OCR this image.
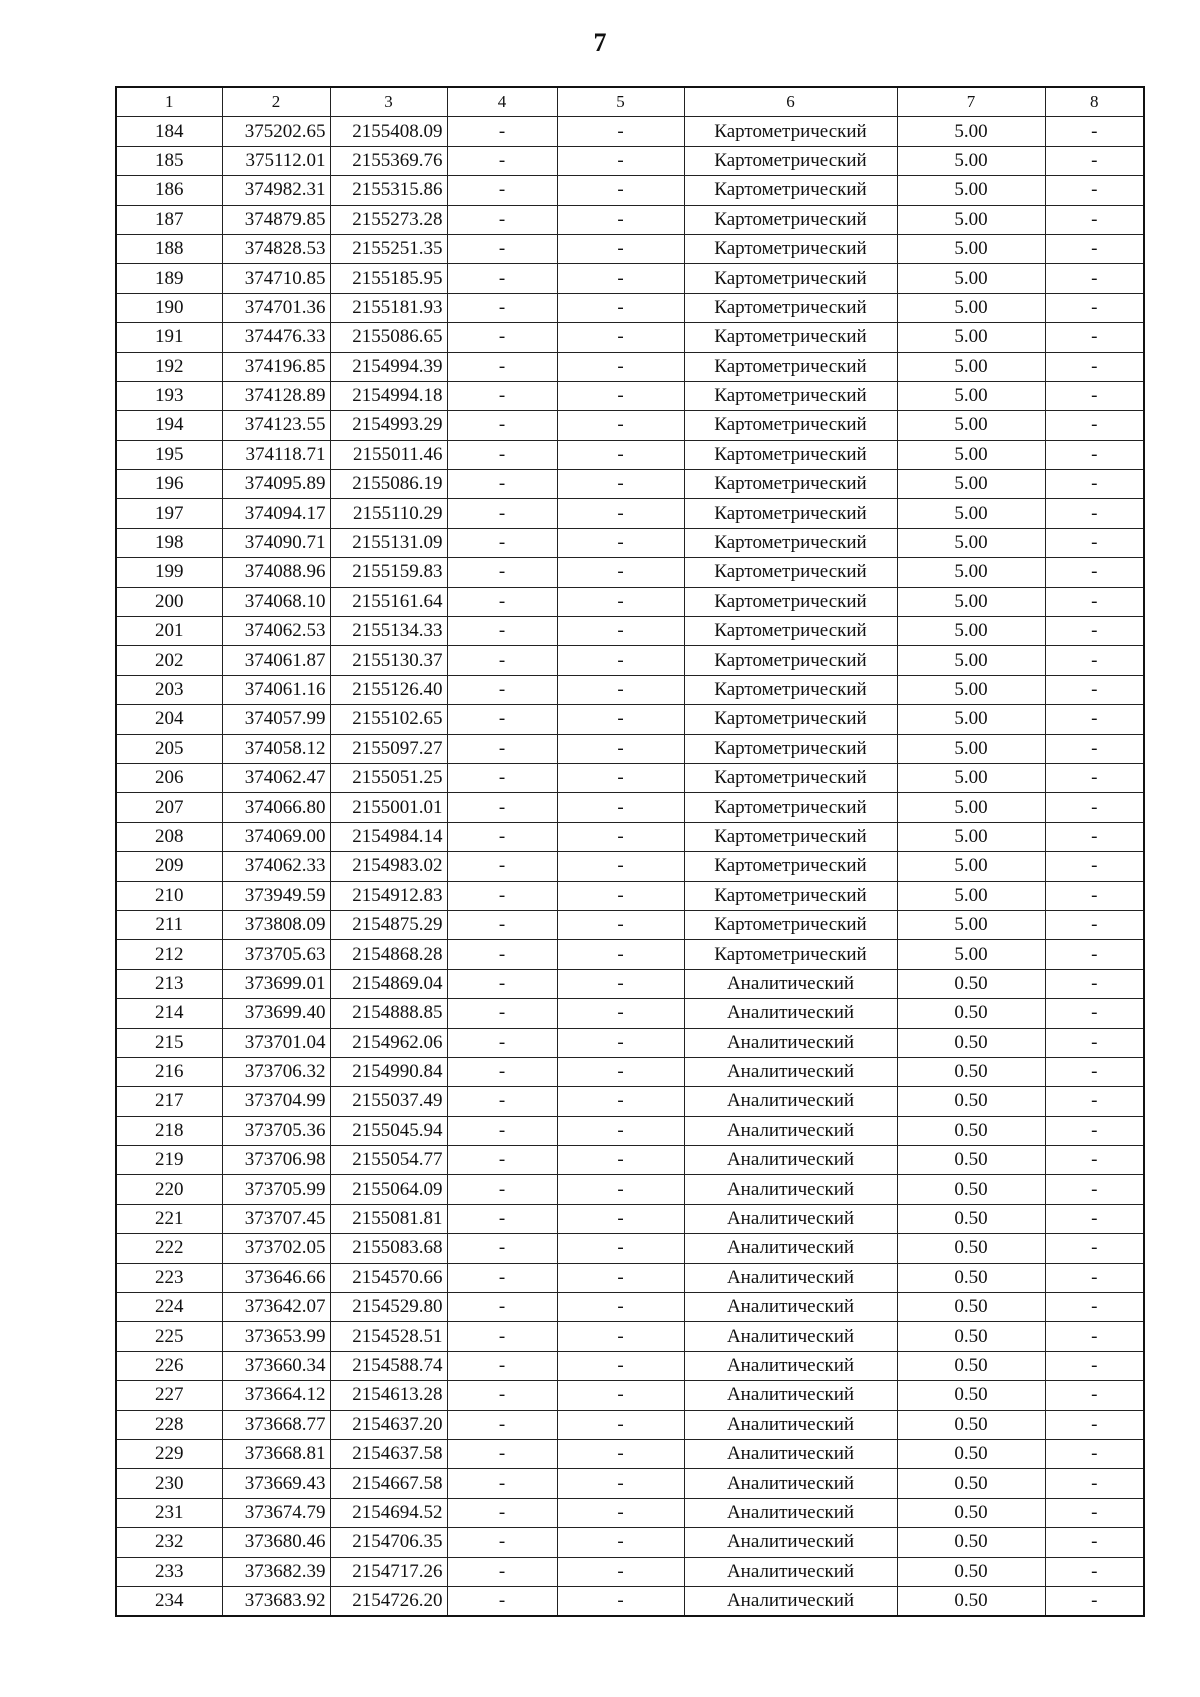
7
1	2	3	4	5	6	7	8
184	375202.65	2155408.09	-	-	Картометрический	5.00	-
185	375112.01	2155369.76	-	-	Картометрический	5.00	-
186	374982.31	2155315.86	-	-	Картометрический	5.00	-
187	374879.85	2155273.28	-	-	Картометрический	5.00	-
188	374828.53	2155251.35	-	-	Картометрический	5.00	-
189	374710.85	2155185.95	-	-	Картометрический	5.00	-
190	374701.36	2155181.93	-	-	Картометрический	5.00	-
191	374476.33	2155086.65	-	-	Картометрический	5.00	-
192	374196.85	2154994.39	-	-	Картометрический	5.00	-
193	374128.89	2154994.18	-	-	Картометрический	5.00	-
194	374123.55	2154993.29	-	-	Картометрический	5.00	-
195	374118.71	2155011.46	-	-	Картометрический	5.00	-
196	374095.89	2155086.19	-	-	Картометрический	5.00	-
197	374094.17	2155110.29	-	-	Картометрический	5.00	-
198	374090.71	2155131.09	-	-	Картометрический	5.00	-
199	374088.96	2155159.83	-	-	Картометрический	5.00	-
200	374068.10	2155161.64	-	-	Картометрический	5.00	-
201	374062.53	2155134.33	-	-	Картометрический	5.00	-
202	374061.87	2155130.37	-	-	Картометрический	5.00	-
203	374061.16	2155126.40	-	-	Картометрический	5.00	-
204	374057.99	2155102.65	-	-	Картометрический	5.00	-
205	374058.12	2155097.27	-	-	Картометрический	5.00	-
206	374062.47	2155051.25	-	-	Картометрический	5.00	-
207	374066.80	2155001.01	-	-	Картометрический	5.00	-
208	374069.00	2154984.14	-	-	Картометрический	5.00	-
209	374062.33	2154983.02	-	-	Картометрический	5.00	-
210	373949.59	2154912.83	-	-	Картометрический	5.00	-
211	373808.09	2154875.29	-	-	Картометрический	5.00	-
212	373705.63	2154868.28	-	-	Картометрический	5.00	-
213	373699.01	2154869.04	-	-	Аналитический	0.50	-
214	373699.40	2154888.85	-	-	Аналитический	0.50	-
215	373701.04	2154962.06	-	-	Аналитический	0.50	-
216	373706.32	2154990.84	-	-	Аналитический	0.50	-
217	373704.99	2155037.49	-	-	Аналитический	0.50	-
218	373705.36	2155045.94	-	-	Аналитический	0.50	-
219	373706.98	2155054.77	-	-	Аналитический	0.50	-
220	373705.99	2155064.09	-	-	Аналитический	0.50	-
221	373707.45	2155081.81	-	-	Аналитический	0.50	-
222	373702.05	2155083.68	-	-	Аналитический	0.50	-
223	373646.66	2154570.66	-	-	Аналитический	0.50	-
224	373642.07	2154529.80	-	-	Аналитический	0.50	-
225	373653.99	2154528.51	-	-	Аналитический	0.50	-
226	373660.34	2154588.74	-	-	Аналитический	0.50	-
227	373664.12	2154613.28	-	-	Аналитический	0.50	-
228	373668.77	2154637.20	-	-	Аналитический	0.50	-
229	373668.81	2154637.58	-	-	Аналитический	0.50	-
230	373669.43	2154667.58	-	-	Аналитический	0.50	-
231	373674.79	2154694.52	-	-	Аналитический	0.50	-
232	373680.46	2154706.35	-	-	Аналитический	0.50	-
233	373682.39	2154717.26	-	-	Аналитический	0.50	-
234	373683.92	2154726.20	-	-	Аналитический	0.50	-
